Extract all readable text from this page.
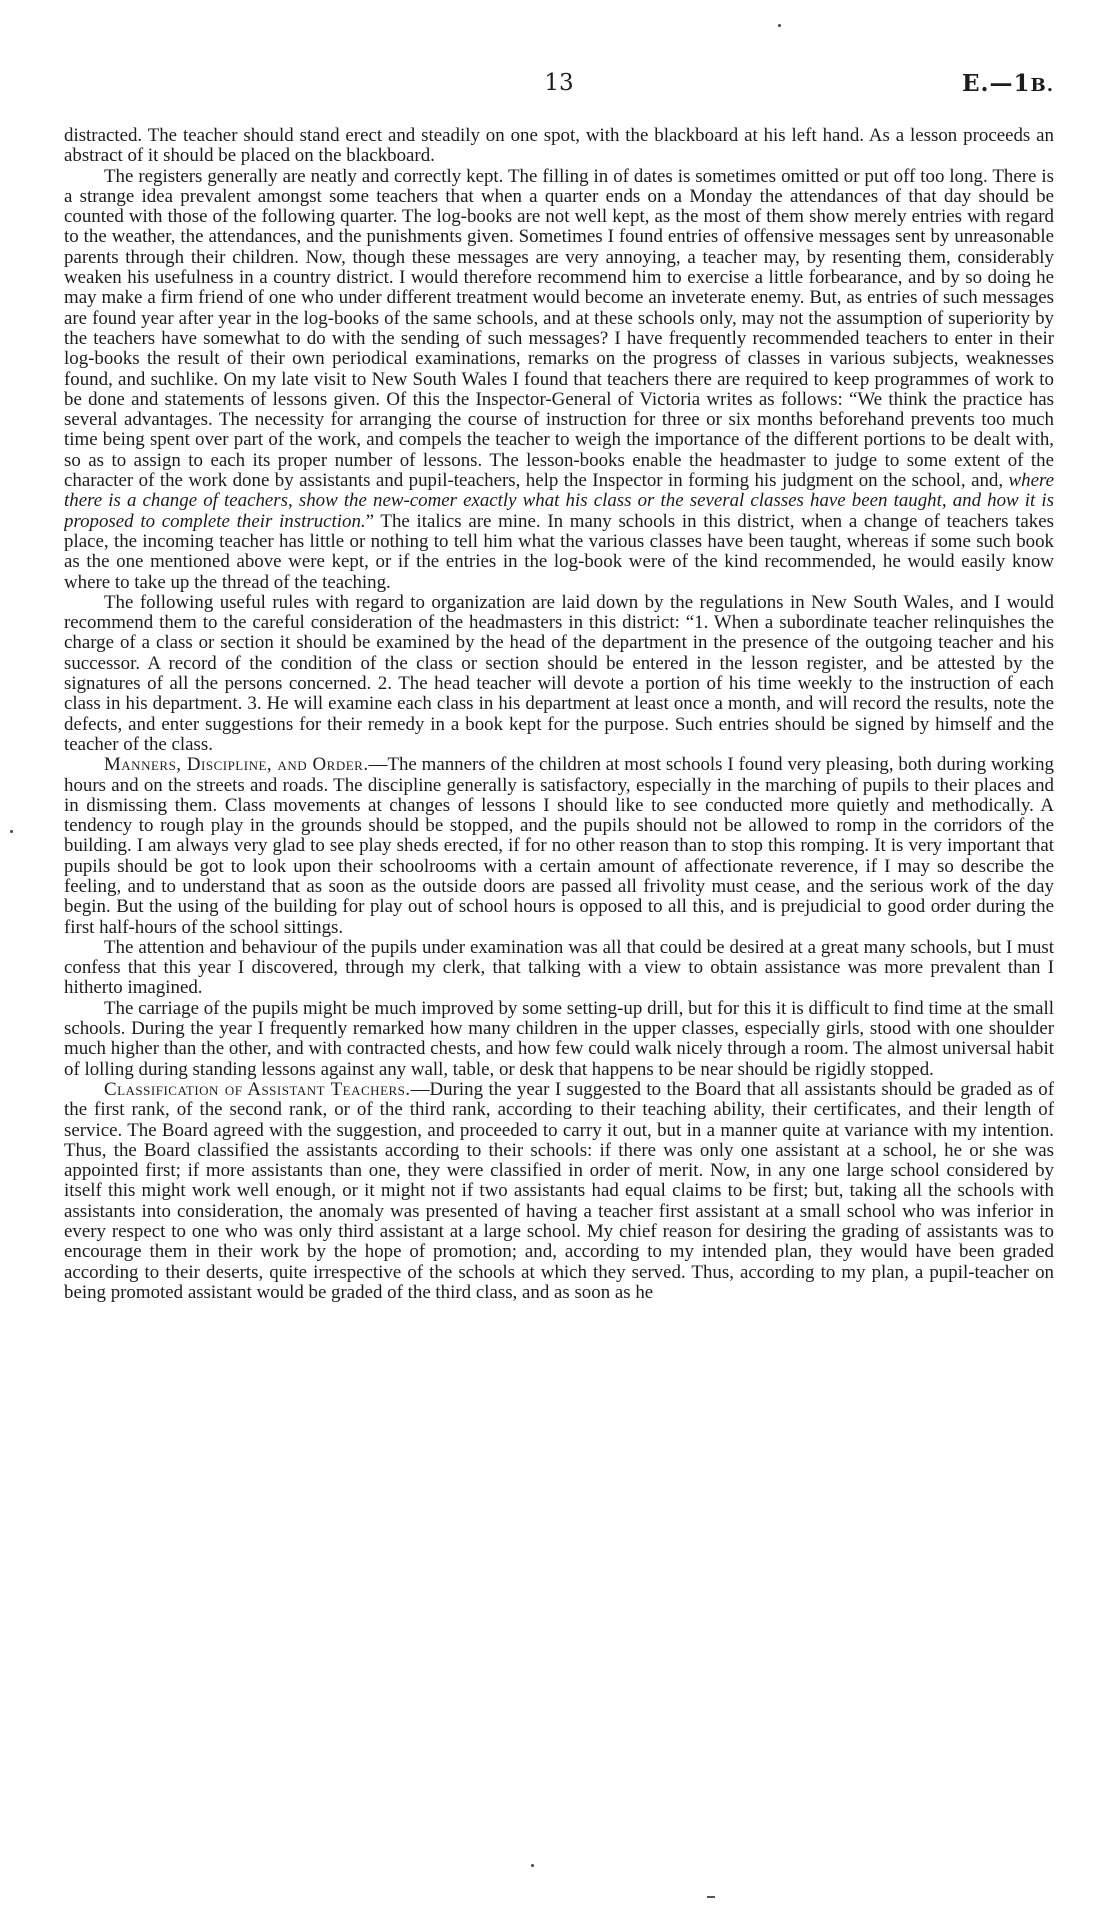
13	E.—1B.

distracted. The teacher should stand erect and steadily on one spot, with the blackboard at his left hand. As a lesson proceeds an abstract of it should be placed on the blackboard.

The registers generally are neatly and correctly kept. The filling in of dates is sometimes omitted or put off too long. There is a strange idea prevalent amongst some teachers that when a quarter ends on a Monday the attendances of that day should be counted with those of the following quarter. The log-books are not well kept, as the most of them show merely entries with regard to the weather, the attendances, and the punishments given. Sometimes I found entries of offensive messages sent by unreasonable parents through their children. Now, though these messages are very annoying, a teacher may, by resenting them, considerably weaken his usefulness in a country district. I would therefore recommend him to exercise a little forbearance, and by so doing he may make a firm friend of one who under different treatment would become an inveterate enemy. But, as entries of such messages are found year after year in the log-books of the same schools, and at these schools only, may not the assumption of superiority by the teachers have somewhat to do with the sending of such messages? I have frequently recommended teachers to enter in their log-books the result of their own periodical examinations, remarks on the progress of classes in various subjects, weaknesses found, and suchlike. On my late visit to New South Wales I found that teachers there are required to keep programmes of work to be done and statements of lessons given. Of this the Inspector-General of Victoria writes as follows: “We think the practice has several advantages. The necessity for arranging the course of instruction for three or six months beforehand prevents too much time being spent over part of the work, and compels the teacher to weigh the importance of the different portions to be dealt with, so as to assign to each its proper number of lessons. The lesson-books enable the headmaster to judge to some extent of the character of the work done by assistants and pupil-teachers, help the Inspector in forming his judgment on the school, and, where there is a change of teachers, show the new-comer exactly what his class or the several classes have been taught, and how it is proposed to complete their instruction.” The italics are mine. In many schools in this district, when a change of teachers takes place, the incoming teacher has little or nothing to tell him what the various classes have been taught, whereas if some such book as the one mentioned above were kept, or if the entries in the log-book were of the kind recommended, he would easily know where to take up the thread of the teaching.

The following useful rules with regard to organization are laid down by the regulations in New South Wales, and I would recommend them to the careful consideration of the headmasters in this district: “1. When a subordinate teacher relinquishes the charge of a class or section it should be examined by the head of the department in the presence of the outgoing teacher and his successor. A record of the condition of the class or section should be entered in the lesson register, and be attested by the signatures of all the persons concerned. 2. The head teacher will devote a portion of his time weekly to the instruction of each class in his department. 3. He will examine each class in his department at least once a month, and will record the results, note the defects, and enter suggestions for their remedy in a book kept for the purpose. Such entries should be signed by himself and the teacher of the class.

Manners, Discipline, and Order.—The manners of the children at most schools I found very pleasing, both during working hours and on the streets and roads. The discipline generally is satisfactory, especially in the marching of pupils to their places and in dismissing them. Class movements at changes of lessons I should like to see conducted more quietly and methodically. A tendency to rough play in the grounds should be stopped, and the pupils should not be allowed to romp in the corridors of the building. I am always very glad to see play sheds erected, if for no other reason than to stop this romping. It is very important that pupils should be got to look upon their schoolrooms with a certain amount of affectionate reverence, if I may so describe the feeling, and to understand that as soon as the outside doors are passed all frivolity must cease, and the serious work of the day begin. But the using of the building for play out of school hours is opposed to all this, and is prejudicial to good order during the first half-hours of the school sittings.

The attention and behaviour of the pupils under examination was all that could be desired at a great many schools, but I must confess that this year I discovered, through my clerk, that talking with a view to obtain assistance was more prevalent than I hitherto imagined.

The carriage of the pupils might be much improved by some setting-up drill, but for this it is difficult to find time at the small schools. During the year I frequently remarked how many children in the upper classes, especially girls, stood with one shoulder much higher than the other, and with contracted chests, and how few could walk nicely through a room. The almost universal habit of lolling during standing lessons against any wall, table, or desk that happens to be near should be rigidly stopped.

Classification of Assistant Teachers.—During the year I suggested to the Board that all assistants should be graded as of the first rank, of the second rank, or of the third rank, according to their teaching ability, their certificates, and their length of service. The Board agreed with the suggestion, and proceeded to carry it out, but in a manner quite at variance with my intention. Thus, the Board classified the assistants according to their schools: if there was only one assistant at a school, he or she was appointed first; if more assistants than one, they were classified in order of merit. Now, in any one large school considered by itself this might work well enough, or it might not if two assistants had equal claims to be first; but, taking all the schools with assistants into consideration, the anomaly was presented of having a teacher first assistant at a small school who was inferior in every respect to one who was only third assistant at a large school. My chief reason for desiring the grading of assistants was to encourage them in their work by the hope of promotion; and, according to my intended plan, they would have been graded according to their deserts, quite irrespective of the schools at which they served. Thus, according to my plan, a pupil-teacher on being promoted assistant would be graded of the third class, and as soon as he
